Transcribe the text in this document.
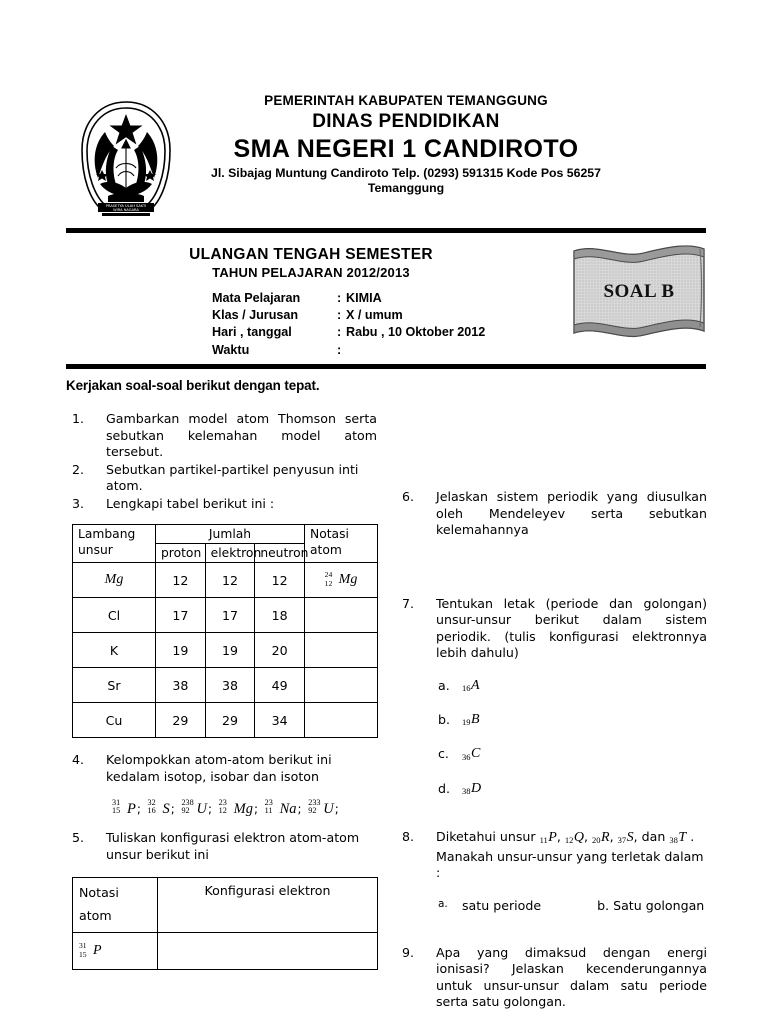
PRASETYA ULAH SAKTI
WIRA NAGARA
PEMERINTAH KABUPATEN TEMANGGUNG
DINAS PENDIDIKAN
SMA NEGERI 1 CANDIROTO
Jl. Sibajag Muntung Candiroto Telp. (0293) 591315 Kode Pos 56257
Temanggung
ULANGAN TENGAH SEMESTER
TAHUN PELAJARAN 2012/2013
Mata Pelajaran	: KIMIA
Klas / Jurusan	: X / umum
Hari , tanggal	: Rabu , 10 Oktober 2012
Waktu	:
SOAL B
Kerjakan soal-soal berikut dengan tepat.
1.	Gambarkan model atom Thomson serta sebutkan kelemahan model atom tersebut.
2.	Sebutkan partikel-partikel penyusun inti atom.
3.	Lengkapi tabel berikut ini :
Lambang unsur	Jumlah			Notasi atom
	proton	elektron	neutron	
Mg	12	12	12	24
12 Mg
Cl	17	17	18	
K	19	19	20	
Sr	38	38	49	
Cu	29	29	34	
4.	Kelompokkan atom-atom berikut ini kedalam isotop, isobar dan isoton
31
15 P; 32
16 S; 238
92 U; 23
12 Mg; 23
11 Na; 233
92 U;
5.	Tuliskan konfigurasi elektron atom-atom unsur berikut ini
Notasi atom	Konfigurasi elektron

31
15 P	
6.	Jelaskan sistem periodik yang diusulkan oleh Mendeleyev serta sebutkan kelemahannya
7.	Tentukan letak (periode dan golongan) unsur-unsur berikut dalam sistem periodik. (tulis konfigurasi elektronnya lebih dahulu)
a.	16A
b.	19B
c.	36C
d.	38D
8.	Diketahui unsur 11P, 12Q, 20R, 37S, dan 38T . Manakah unsur-unsur yang terletak dalam :
a.	satu periode	b. Satu golongan
9.	Apa yang dimaksud dengan energi ionisasi? Jelaskan kecenderungannya untuk unsur-unsur dalam satu periode serta satu golongan.
